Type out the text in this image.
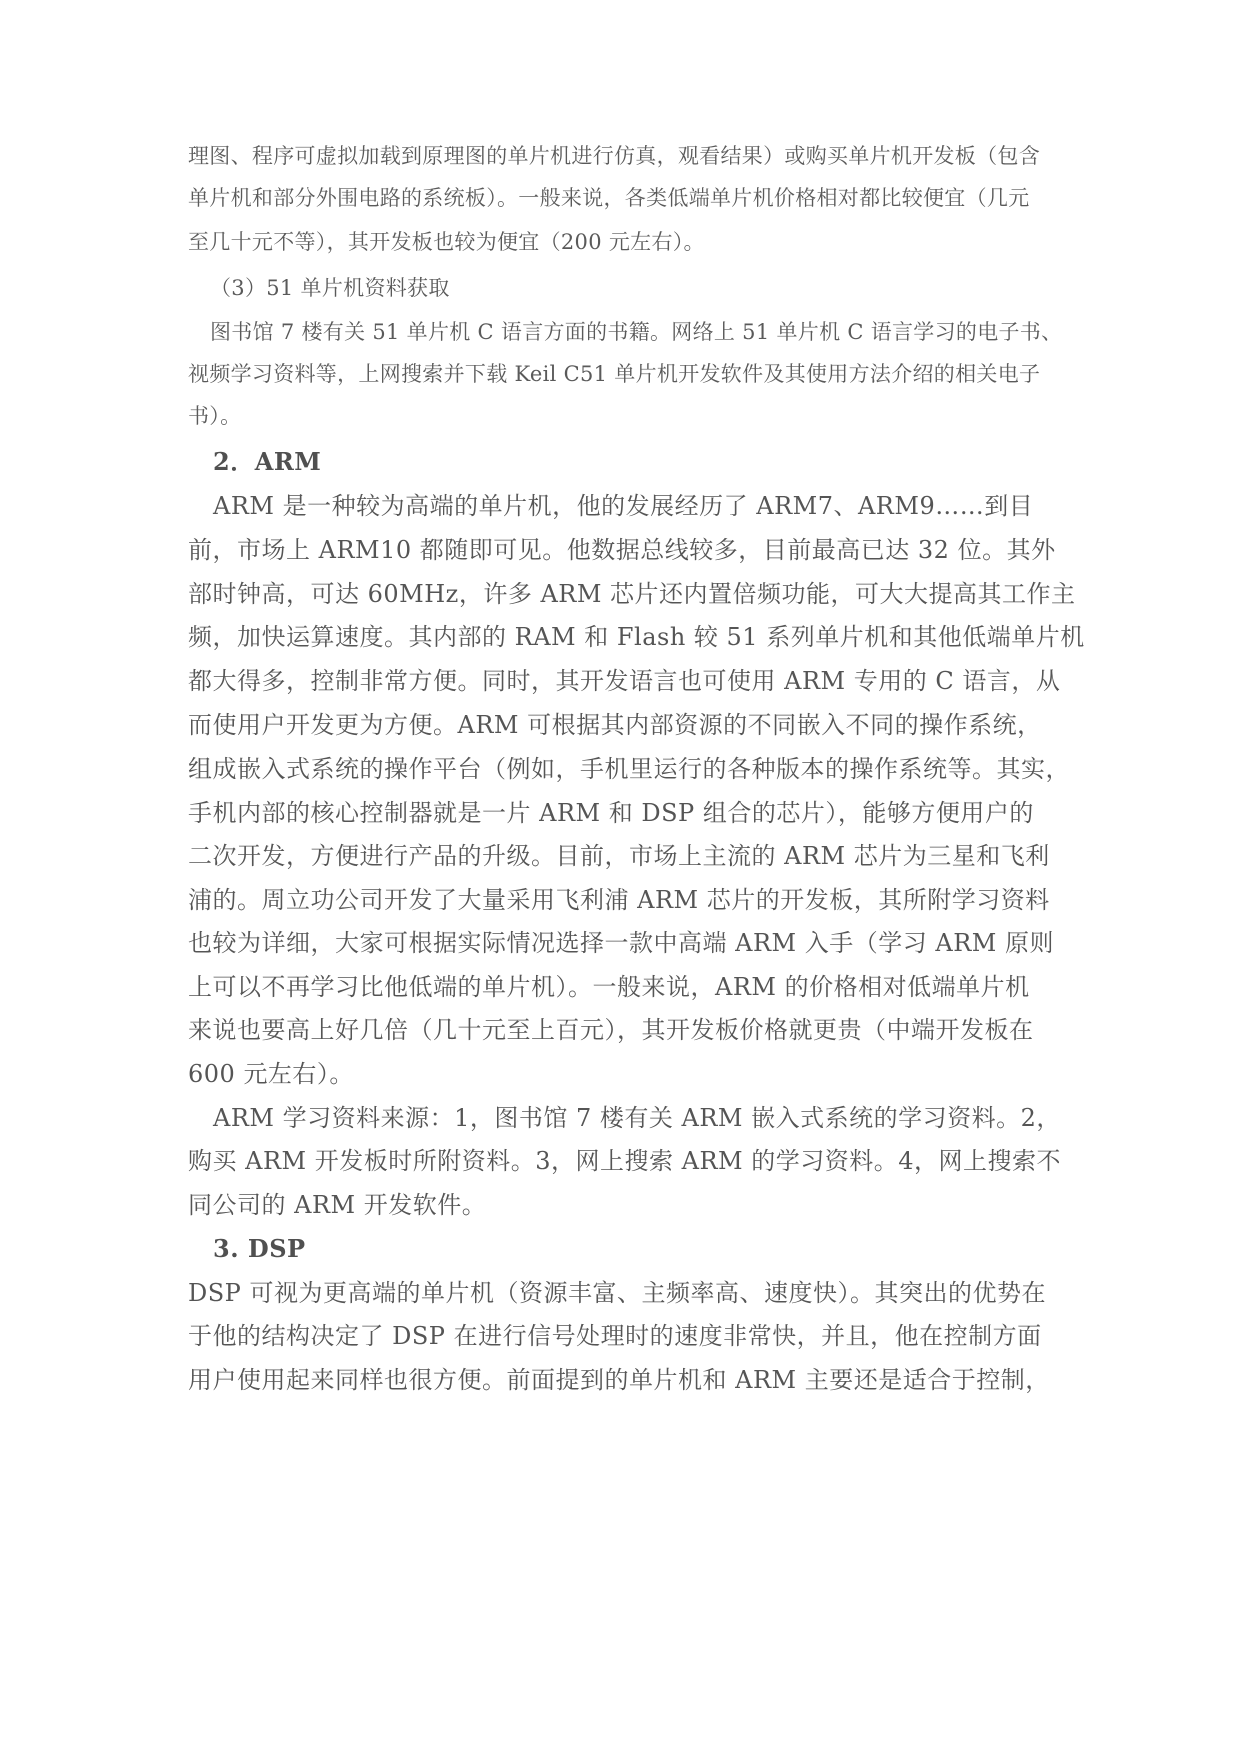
理图、程序可虚拟加载到原理图的单片机进行仿真，观看结果）或购买单片机开发板（包含

单片机和部分外围电路的系统板）。一般来说，各类低端单片机价格相对都比较便宜（几元

至几十元不等），其开发板也较为便宜（200 元左右）。

（3）51 单片机资料获取

图书馆 7 楼有关 51 单片机 C 语言方面的书籍。网络上 51 单片机 C 语言学习的电子书、

视频学习资料等，上网搜索并下载 Keil C51 单片机开发软件及其使用方法介绍的相关电子

书）。

2．ARM

ARM 是一种较为高端的单片机，他的发展经历了 ARM7、ARM9……到目

前，市场上 ARM10 都随即可见。他数据总线较多，目前最高已达 32 位。其外

部时钟高，可达 60MHz，许多 ARM 芯片还内置倍频功能，可大大提高其工作主

频，加快运算速度。其内部的 RAM 和 Flash 较 51 系列单片机和其他低端单片机

都大得多，控制非常方便。同时，其开发语言也可使用 ARM 专用的 C 语言，从

而使用户开发更为方便。ARM 可根据其内部资源的不同嵌入不同的操作系统，

组成嵌入式系统的操作平台（例如，手机里运行的各种版本的操作系统等。其实，

手机内部的核心控制器就是一片 ARM 和 DSP 组合的芯片），能够方便用户的

二次开发，方便进行产品的升级。目前，市场上主流的 ARM 芯片为三星和飞利

浦的。周立功公司开发了大量采用飞利浦 ARM 芯片的开发板，其所附学习资料

也较为详细，大家可根据实际情况选择一款中高端 ARM 入手（学习 ARM 原则

上可以不再学习比他低端的单片机）。一般来说，ARM 的价格相对低端单片机

来说也要高上好几倍（几十元至上百元），其开发板价格就更贵（中端开发板在

600 元左右）。

ARM 学习资料来源：1，图书馆 7 楼有关 ARM 嵌入式系统的学习资料。2，

购买 ARM 开发板时所附资料。3，网上搜索 ARM 的学习资料。4，网上搜索不

同公司的 ARM 开发软件。

3. DSP

DSP 可视为更高端的单片机（资源丰富、主频率高、速度快）。其突出的优势在

于他的结构决定了 DSP 在进行信号处理时的速度非常快，并且，他在控制方面

用户使用起来同样也很方便。前面提到的单片机和 ARM 主要还是适合于控制，
